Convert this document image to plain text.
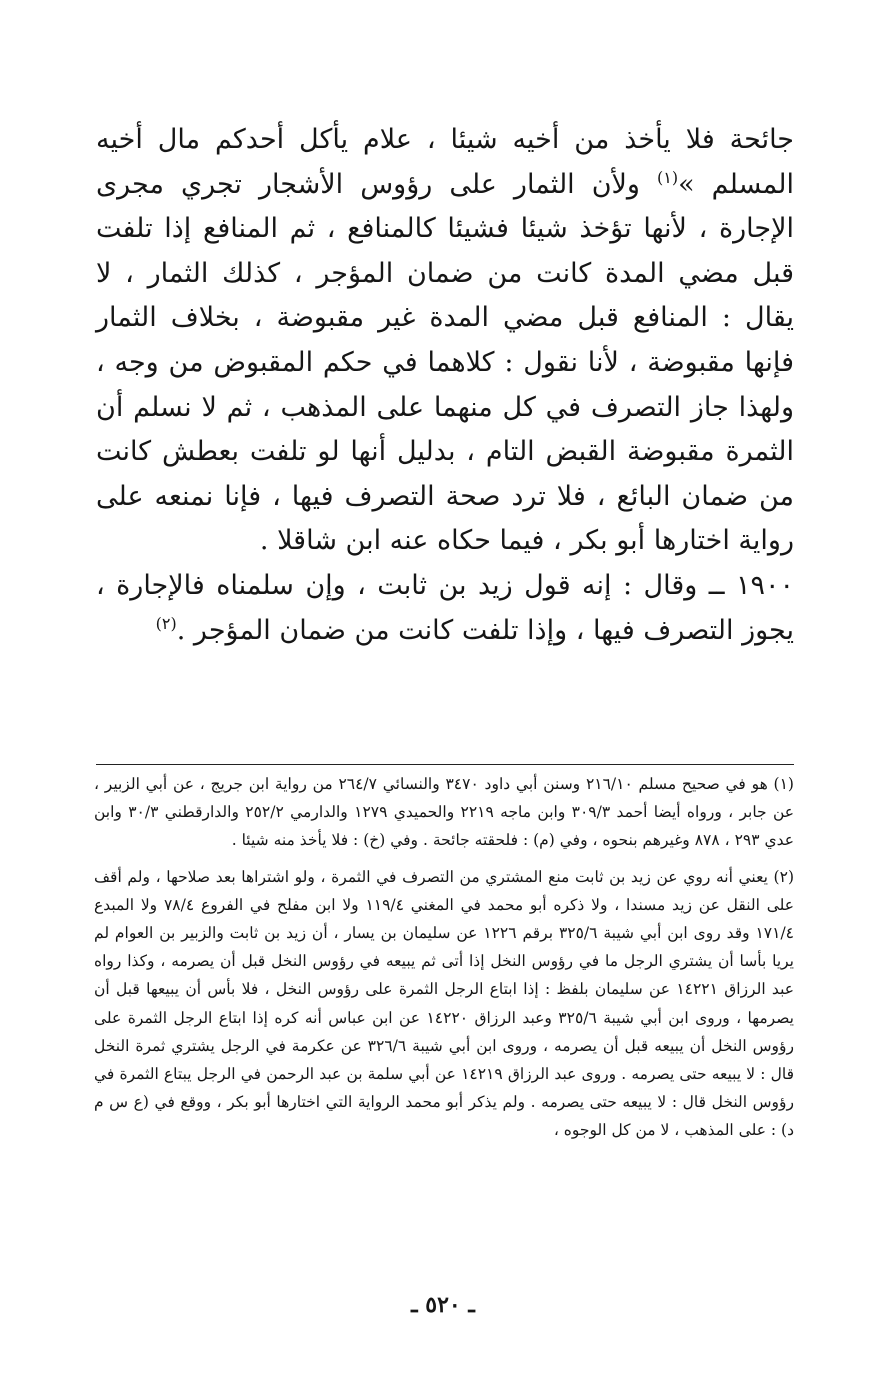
جائحة فلا يأخذ من أخيه شيئا ، علام يأكل أحدكم مال أخيه المسلم »$^{(١)}$ ولأن الثمار على رؤوس الأشجار تجري مجرى الإجارة ، لأنها تؤخذ شيئا فشيئا كالمنافع ، ثم المنافع إذا تلفت قبل مضي المدة كانت من ضمان المؤجر ، كذلك الثمار ، لا يقال : المنافع قبل مضي المدة غير مقبوضة ، بخلاف الثمار فإنها مقبوضة ، لأنا نقول : كلاهما في حكم المقبوض من وجه ، ولهذا جاز التصرف في كل منهما على المذهب ، ثم لا نسلم أن الثمرة مقبوضة القبض التام ، بدليل أنها لو تلفت بعطش كانت من ضمان البائع ، فلا ترد صحة التصرف فيها ، فإنا نمنعه على رواية اختارها أبو بكر ، فيما حكاه عنه ابن شاقلا .

١٩٠٠ ــ وقال : إنه قول زيد بن ثابت ، وإن سلمناه فالإجارة ، يجوز التصرف فيها ، وإذا تلفت كانت من ضمان المؤجر .$^{(٢)}$

(١) هو في صحيح مسلم ٢١٦/١٠ وسنن أبي داود ٣٤٧٠ والنسائي ٢٦٤/٧ من رواية ابن جريج ، عن أبي الزبير ، عن جابر ، ورواه أيضا أحمد ٣٠٩/٣ وابن ماجه ٢٢١٩ والحميدي ١٢٧٩ والدارمي ٢٥٢/٢ والدارقطني ٣٠/٣ وابن عدي ٢٩٣ ، ٨٧٨ وغيرهم بنحوه ، وفي (م) : فلحقته جائحة . وفي (خ) : فلا يأخذ منه شيئا .

(٢) يعني أنه روي عن زيد بن ثابت منع المشتري من التصرف في الثمرة ، ولو اشتراها بعد صلاحها ، ولم أقف على النقل عن زيد مسندا ، ولا ذكره أبو محمد في المغني ١١٩/٤ ولا ابن مفلح في الفروع ٧٨/٤ ولا المبدع ١٧١/٤ وقد روى ابن أبي شيبة ٣٢٥/٦ برقم ١٢٢٦ عن سليمان بن يسار ، أن زيد بن ثابت والزبير بن العوام لم يريا بأسا أن يشتري الرجل ما في رؤوس النخل إذا أتى ثم يبيعه في رؤوس النخل قبل أن يصرمه ، وكذا رواه عبد الرزاق ١٤٢٢١ عن سليمان بلفظ : إذا ابتاع الرجل الثمرة على رؤوس النخل ، فلا بأس أن يبيعها قبل أن يصرمها ، وروى ابن أبي شيبة ٣٢٥/٦ وعبد الرزاق ١٤٢٢٠ عن ابن عباس أنه كره إذا ابتاع الرجل الثمرة على رؤوس النخل أن يبيعه قبل أن يصرمه ، وروى ابن أبي شيبة ٣٢٦/٦ عن عكرمة في الرجل يشتري ثمرة النخل قال : لا يبيعه حتى يصرمه . وروى عبد الرزاق ١٤٢١٩ عن أبي سلمة بن عبد الرحمن في الرجل يبتاع الثمرة في رؤوس النخل قال : لا يبيعه حتى يصرمه . ولم يذكر أبو محمد الرواية التي اختارها أبو بكر ، ووقع في (ع س م د) : على المذهب ، لا من كل الوجوه ،

ـ ٥٢٠ ـ
